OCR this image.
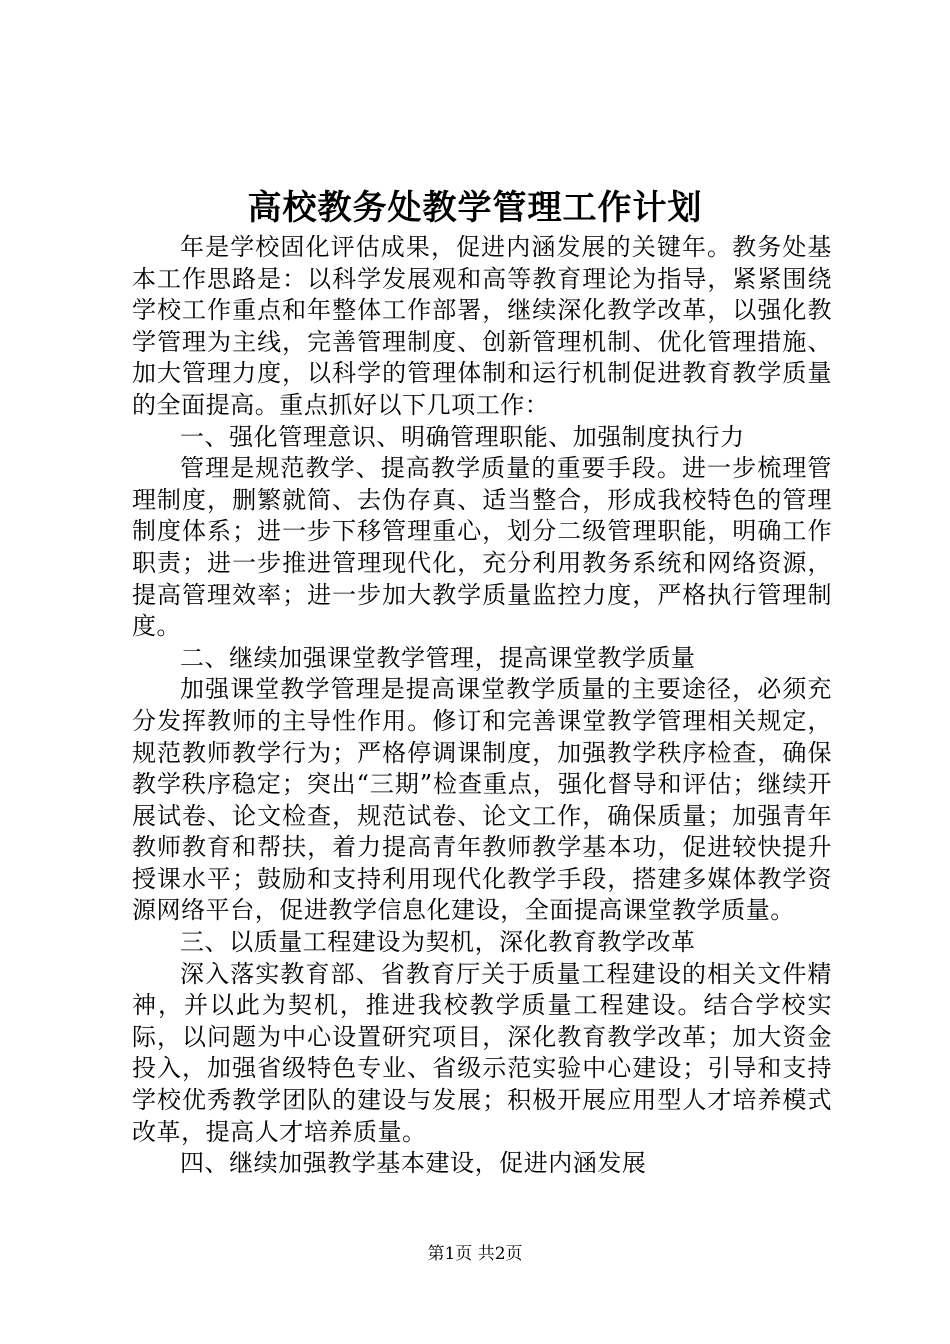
高校教务处教学管理工作计划

年是学校固化评估成果，促进内涵发展的关键年。教务处基本工作思路是：以科学发展观和高等教育理论为指导，紧紧围绕学校工作重点和年整体工作部署，继续深化教学改革，以强化教学管理为主线，完善管理制度、创新管理机制、优化管理措施、加大管理力度，以科学的管理体制和运行机制促进教育教学质量的全面提高。重点抓好以下几项工作：

一、强化管理意识、明确管理职能、加强制度执行力

管理是规范教学、提高教学质量的重要手段。进一步梳理管理制度，删繁就简、去伪存真、适当整合，形成我校特色的管理制度体系；进一步下移管理重心，划分二级管理职能，明确工作职责；进一步推进管理现代化，充分利用教务系统和网络资源，提高管理效率；进一步加大教学质量监控力度，严格执行管理制度。

二、继续加强课堂教学管理，提高课堂教学质量

加强课堂教学管理是提高课堂教学质量的主要途径，必须充分发挥教师的主导性作用。修订和完善课堂教学管理相关规定，规范教师教学行为；严格停调课制度，加强教学秩序检查，确保教学秩序稳定；突出“三期”检查重点，强化督导和评估；继续开展试卷、论文检查，规范试卷、论文工作，确保质量；加强青年教师教育和帮扶，着力提高青年教师教学基本功，促进较快提升授课水平；鼓励和支持利用现代化教学手段，搭建多媒体教学资源网络平台，促进教学信息化建设，全面提高课堂教学质量。

三、以质量工程建设为契机，深化教育教学改革

深入落实教育部、省教育厅关于质量工程建设的相关文件精神，并以此为契机，推进我校教学质量工程建设。结合学校实际，以问题为中心设置研究项目，深化教育教学改革；加大资金投入，加强省级特色专业、省级示范实验中心建设；引导和支持学校优秀教学团队的建设与发展；积极开展应用型人才培养模式改革，提高人才培养质量。

四、继续加强教学基本建设，促进内涵发展

第1页 共2页
